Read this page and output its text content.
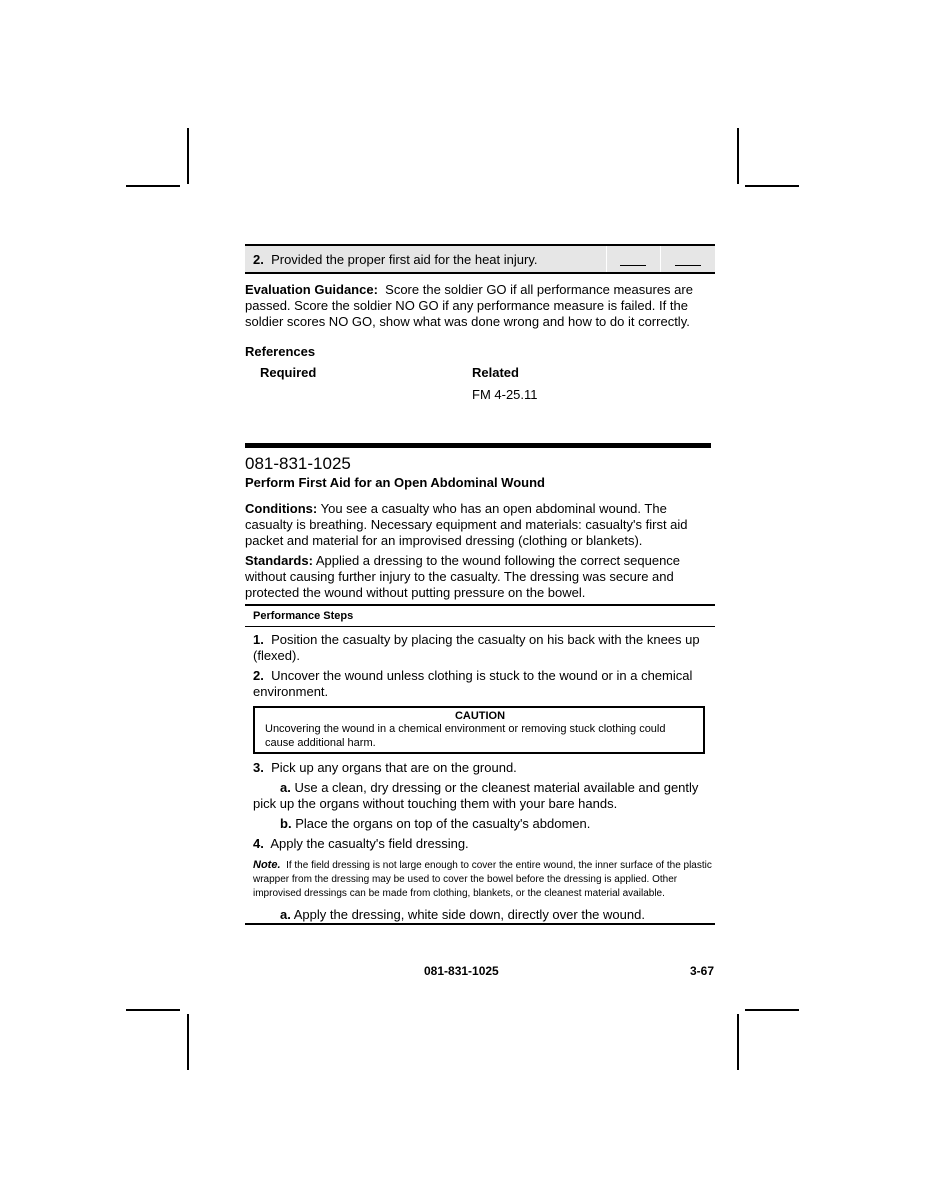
2. Provided the proper first aid for the heat injury.

Evaluation Guidance: Score the soldier GO if all performance measures are passed. Score the soldier NO GO if any performance measure is failed. If the soldier scores NO GO, show what was done wrong and how to do it correctly.

References
Required	Related
FM 4-25.11
081-831-1025
Perform First Aid for an Open Abdominal Wound
Conditions: You see a casualty who has an open abdominal wound. The casualty is breathing. Necessary equipment and materials: casualty's first aid packet and material for an improvised dressing (clothing or blankets).
Standards: Applied a dressing to the wound following the correct sequence without causing further injury to the casualty. The dressing was secure and protected the wound without putting pressure on the bowel.
Performance Steps
1. Position the casualty by placing the casualty on his back with the knees up (flexed).
2. Uncover the wound unless clothing is stuck to the wound or in a chemical environment.
CAUTION
Uncovering the wound in a chemical environment or removing stuck clothing could cause additional harm.
3. Pick up any organs that are on the ground.
a. Use a clean, dry dressing or the cleanest material available and gently pick up the organs without touching them with your bare hands.
b. Place the organs on top of the casualty's abdomen.
4. Apply the casualty's field dressing.
Note. If the field dressing is not large enough to cover the entire wound, the inner surface of the plastic wrapper from the dressing may be used to cover the bowel before the dressing is applied. Other improvised dressings can be made from clothing, blankets, or the cleanest material available.
a. Apply the dressing, white side down, directly over the wound.
081-831-1025	3-67
